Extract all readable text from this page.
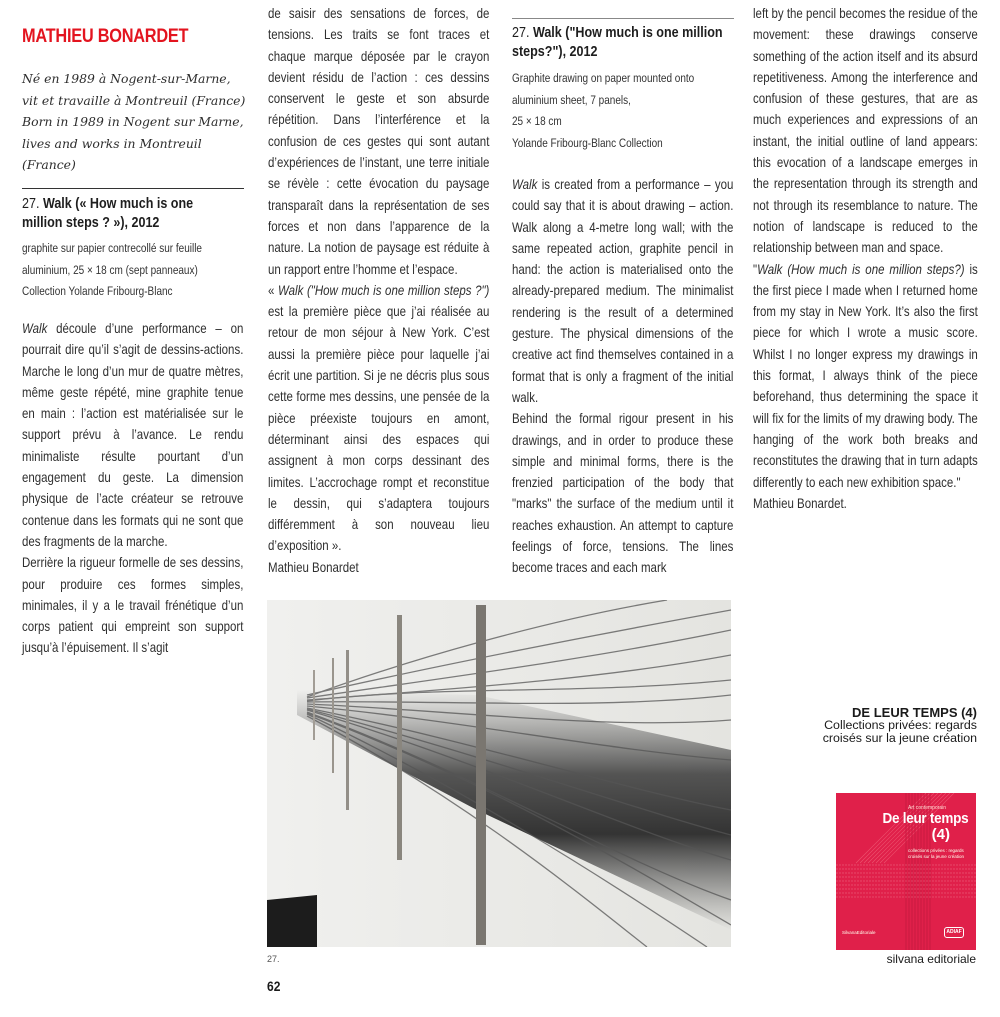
MATHIEU BONARDET
Né en 1989 à Nogent-sur-Marne,
vit et travaille à Montreuil (France)
Born in 1989 in Nogent sur Marne,
lives and works in Montreuil (France)
27. Walk (« How much is one
million steps ? »), 2012
graphite sur papier contrecollé sur feuille
aluminium, 25 × 18 cm (sept panneaux)
Collection Yolande Fribourg-Blanc

Walk découle d’une performance – on pourrait dire qu’il s’agit de dessins-actions. Marche le long d’un mur de quatre mètres, même geste répété, mine graphite tenue en main : l’action est matérialisée sur le support prévu à l’avance. Le rendu minimaliste résulte pourtant d’un engagement du geste. La dimension physique de l’acte créateur se retrouve contenue dans les formats qui ne sont que des fragments de la marche.

Derrière la rigueur formelle de ses dessins, pour produire ces formes simples, minimales, il y a le travail frénétique d’un corps patient qui empreint son support jusqu’à l’épuisement. Il s’agit

de saisir des sensations de forces, de tensions. Les traits se font traces et chaque marque déposée par le crayon devient résidu de l’action : ces dessins conservent le geste et son absurde répétition. Dans l’interférence et la confusion de ces gestes qui sont autant d’expériences de l’instant, une terre initiale se révèle : cette évocation du paysage transparaît dans la représentation de ses forces et non dans l’apparence de la nature. La notion de paysage est réduite à un rapport entre l’homme et l’espace.

« Walk ("How much is one million steps ?") est la première pièce que j’ai réalisée au retour de mon séjour à New York. C’est aussi la première pièce pour laquelle j’ai écrit une partition. Si je ne décris plus sous cette forme mes dessins, une pensée de la pièce préexiste toujours en amont, déterminant ainsi des espaces qui assignent à mon corps dessinant des limites. L’accrochage rompt et reconstitue le dessin, qui s’adaptera toujours différemment à son nouveau lieu d’exposition ».

Mathieu Bonardet

27. Walk ("How much is one million
steps?"), 2012
Graphite drawing on paper mounted onto
aluminium sheet, 7 panels,
25 × 18 cm
Yolande Fribourg-Blanc Collection

Walk is created from a performance – you could say that it is about drawing – action. Walk along a 4-metre long wall; with the same repeated action, graphite pencil in hand: the action is materialised onto the already-prepared medium. The minimalist rendering is the result of a determined gesture. The physical dimensions of the creative act find themselves contained in a format that is only a fragment of the initial walk.

Behind the formal rigour present in his drawings, and in order to produce these simple and minimal forms, there is the frenzied participation of the body that "marks" the surface of the medium until it reaches exhaustion. An attempt to capture feelings of force, tensions. The lines become traces and each mark

left by the pencil becomes the residue of the movement: these drawings conserve something of the action itself and its absurd repetitiveness. Among the interference and confusion of these gestures, that are as much experiences and expressions of an instant, the initial outline of land appears: this evocation of a landscape emerges in the representation through its strength and not through its resemblance to nature. The notion of landscape is reduced to the relationship between man and space.

"Walk (How much is one million steps?) is the first piece I made when I returned home from my stay in New York. It’s also the first piece for which I wrote a music score. Whilst I no longer express my drawings in this format, I always think of the piece beforehand, thus determining the space it will fix for the limits of my drawing body. The hanging of the work both breaks and reconstitutes the drawing that in turn adapts differently to each new exhibition space."

Mathieu Bonardet.

27.
62
DE LEUR TEMPS (4)
Collections privées: regards
croisés sur la jeune création
Art contemporain
De leur temps
(4)
collections privées : regards croisés sur la jeune création
SilvanaEditoriale	ADIAF
silvana editoriale
